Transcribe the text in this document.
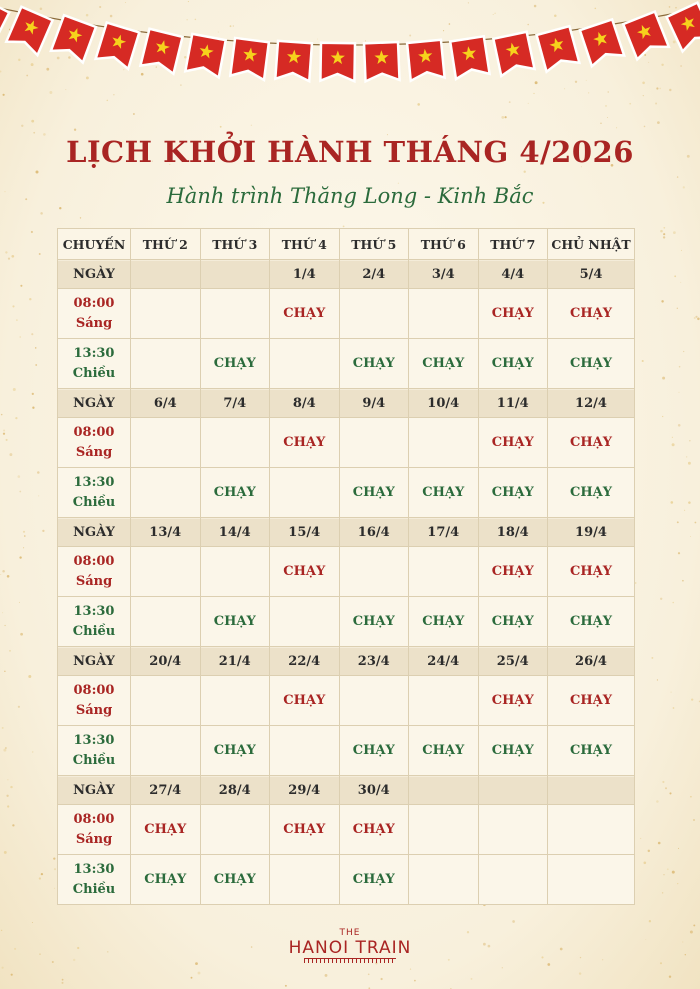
LỊCH KHỞI HÀNH THÁNG 4/2026
Hành trình Thăng Long - Kinh Bắc
CHUYẾN	THỨ 2	THỨ 3	THỨ 4	THỨ 5	THỨ 6	THỨ 7	CHỦ NHẬT
NGÀY			1/4	2/4	3/4	4/4	5/4

08:00
Sáng			CHẠY			CHẠY	CHẠY

13:30
Chiều		CHẠY		CHẠY	CHẠY	CHẠY	CHẠY
NGÀY	6/4	7/4	8/4	9/4	10/4	11/4	12/4

08:00
Sáng			CHẠY			CHẠY	CHẠY

13:30
Chiều		CHẠY		CHẠY	CHẠY	CHẠY	CHẠY
NGÀY	13/4	14/4	15/4	16/4	17/4	18/4	19/4

08:00
Sáng			CHẠY			CHẠY	CHẠY

13:30
Chiều		CHẠY		CHẠY	CHẠY	CHẠY	CHẠY
NGÀY	20/4	21/4	22/4	23/4	24/4	25/4	26/4

08:00
Sáng			CHẠY			CHẠY	CHẠY

13:30
Chiều		CHẠY		CHẠY	CHẠY	CHẠY	CHẠY
NGÀY	27/4	28/4	29/4	30/4			

08:00
Sáng	CHẠY		CHẠY	CHẠY			

13:30
Chiều	CHẠY	CHẠY		CHẠY			
THE
HANOI TRAIN
